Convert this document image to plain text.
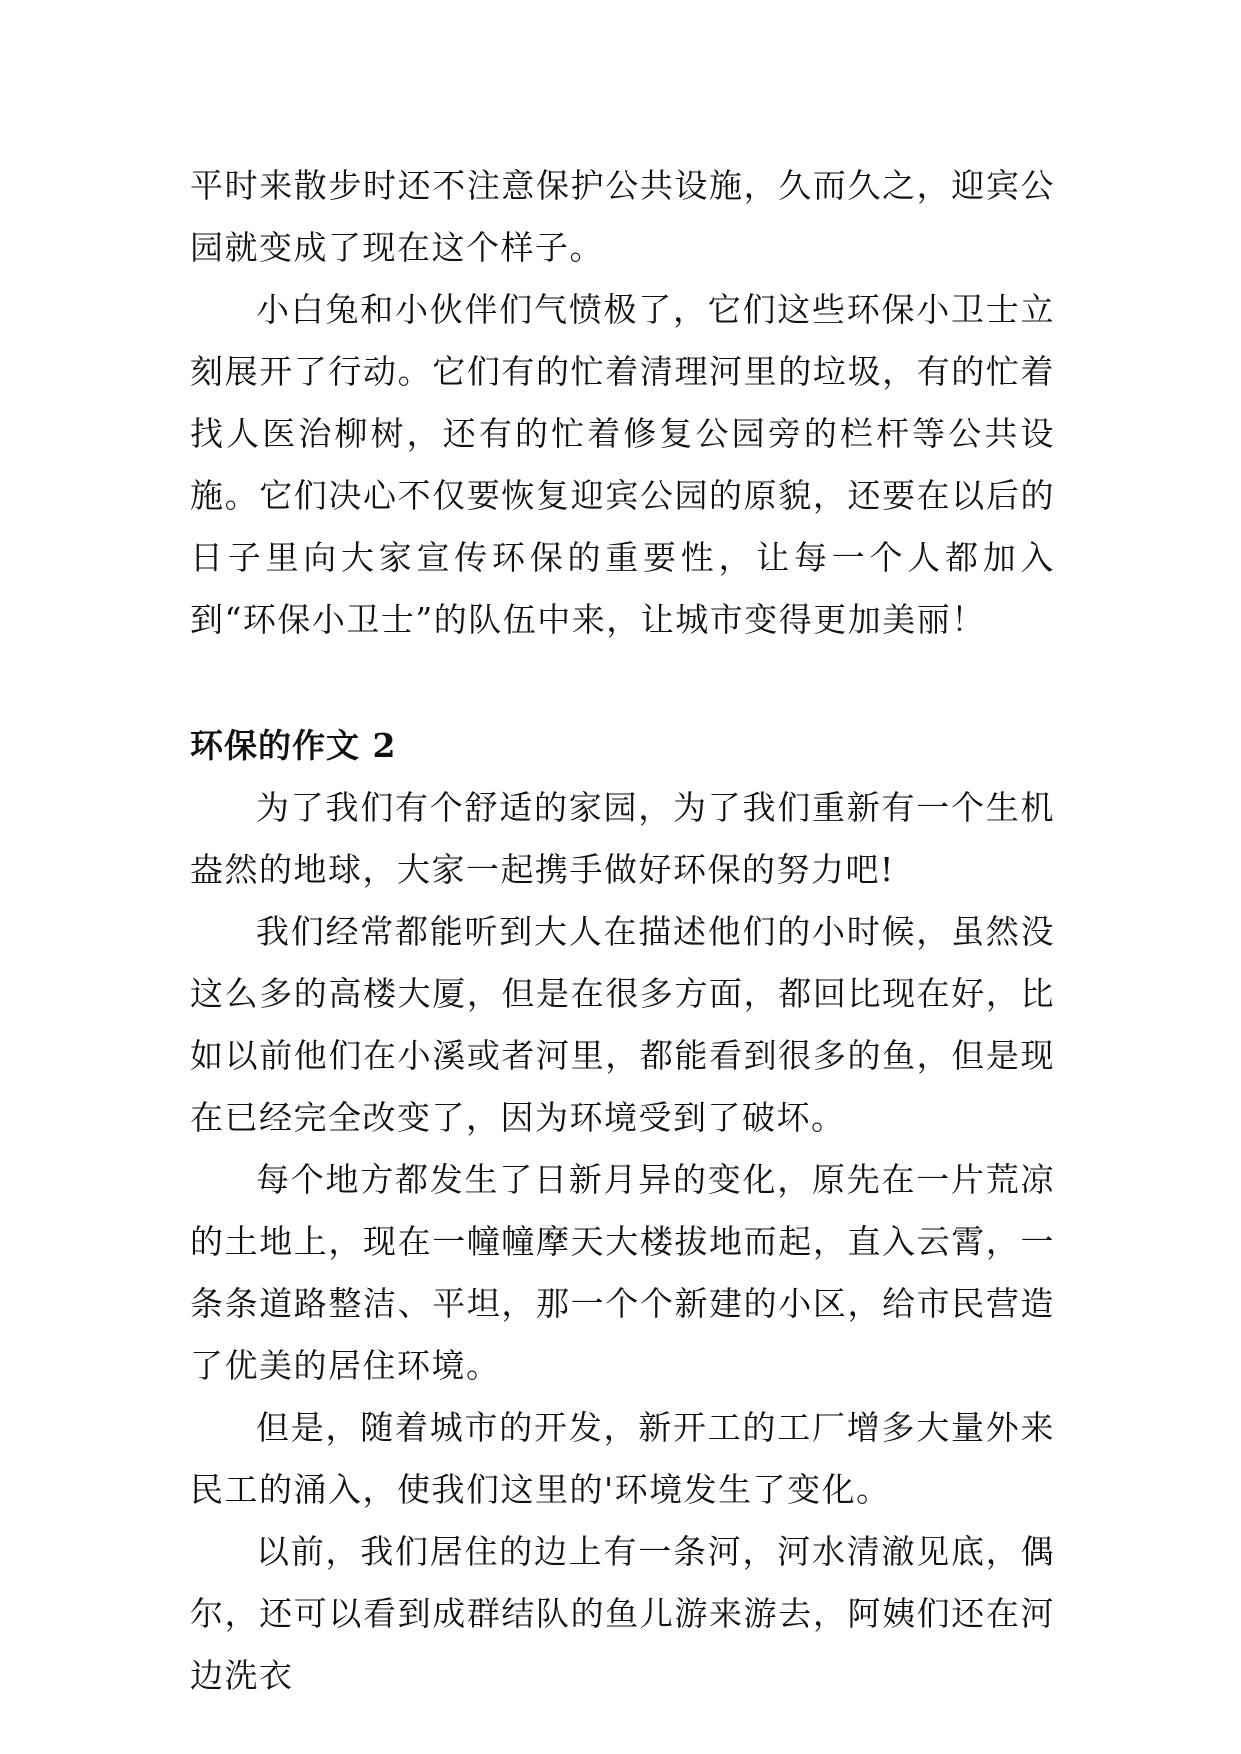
平时来散步时还不注意保护公共设施，久而久之，迎宾公园就变成了现在这个样子。

小白兔和小伙伴们气愤极了，它们这些环保小卫士立刻展开了行动。它们有的忙着清理河里的垃圾，有的忙着找人医治柳树，还有的忙着修复公园旁的栏杆等公共设施。它们决心不仅要恢复迎宾公园的原貌，还要在以后的日子里向大家宣传环保的重要性，让每一个人都加入到“环保小卫士”的队伍中来，让城市变得更加美丽！

环保的作文 2

为了我们有个舒适的家园，为了我们重新有一个生机盎然的地球，大家一起携手做好环保的努力吧!

我们经常都能听到大人在描述他们的小时候，虽然没这么多的高楼大厦，但是在很多方面，都回比现在好，比如以前他们在小溪或者河里，都能看到很多的鱼，但是现在已经完全改变了，因为环境受到了破坏。

每个地方都发生了日新月异的变化，原先在一片荒凉的土地上，现在一幢幢摩天大楼拔地而起，直入云霄，一条条道路整洁、平坦，那一个个新建的小区，给市民营造了优美的居住环境。

但是，随着城市的开发，新开工的工厂增多大量外来民工的涌入，使我们这里的'环境发生了变化。

以前，我们居住的边上有一条河，河水清澈见底，偶尔，还可以看到成群结队的鱼儿游来游去，阿姨们还在河边洗衣
